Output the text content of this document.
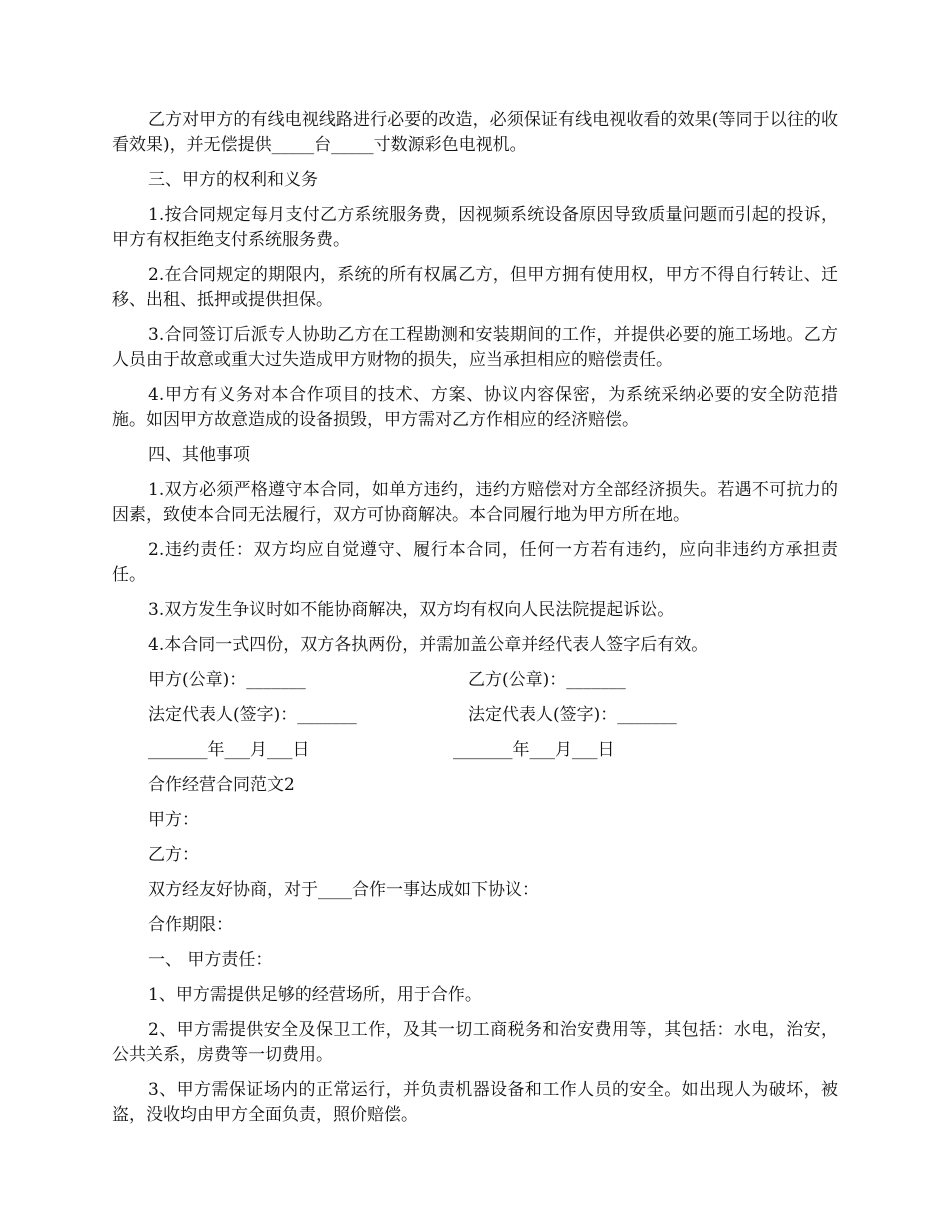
乙方对甲方的有线电视线路进行必要的改造，必须保证有线电视收看的效果(等同于以往的收看效果)，并无偿提供_____台_____寸数源彩色电视机。

三、甲方的权利和义务

1.按合同规定每月支付乙方系统服务费，因视频系统设备原因导致质量问题而引起的投诉，甲方有权拒绝支付系统服务费。

2.在合同规定的期限内，系统的所有权属乙方，但甲方拥有使用权，甲方不得自行转让、迁移、出租、抵押或提供担保。

3.合同签订后派专人协助乙方在工程勘测和安装期间的工作，并提供必要的施工场地。乙方人员由于故意或重大过失造成甲方财物的损失，应当承担相应的赔偿责任。

4.甲方有义务对本合作项目的技术、方案、协议内容保密，为系统采纳必要的安全防范措施。如因甲方故意造成的设备损毁，甲方需对乙方作相应的经济赔偿。

四、其他事项

1.双方必须严格遵守本合同，如单方违约，违约方赔偿对方全部经济损失。若遇不可抗力的因素，致使本合同无法履行，双方可协商解决。本合同履行地为甲方所在地。

2.违约责任：双方均应自觉遵守、履行本合同，任何一方若有违约，应向非违约方承担责任。

3.双方发生争议时如不能协商解决，双方均有权向人民法院提起诉讼。
4.本合同一式四份，双方各执两份，并需加盖公章并经代表人签字后有效。
甲方(公章)：_______	乙方(公章)：_______
法定代表人(签字)：_______	法定代表人(签字)：_______
_______年___月___日	_______年___月___日
合作经营合同范文2
甲方：
乙方：
双方经友好协商，对于____合作一事达成如下协议：
合作期限：
一、 甲方责任：
1、甲方需提供足够的经营场所，用于合作。

2、甲方需提供安全及保卫工作，及其一切工商税务和治安费用等，其包括：水电，治安，公共关系，房费等一切费用。

3、甲方需保证场内的正常运行，并负责机器设备和工作人员的安全。如出现人为破坏，被盗，没收均由甲方全面负责，照价赔偿。
